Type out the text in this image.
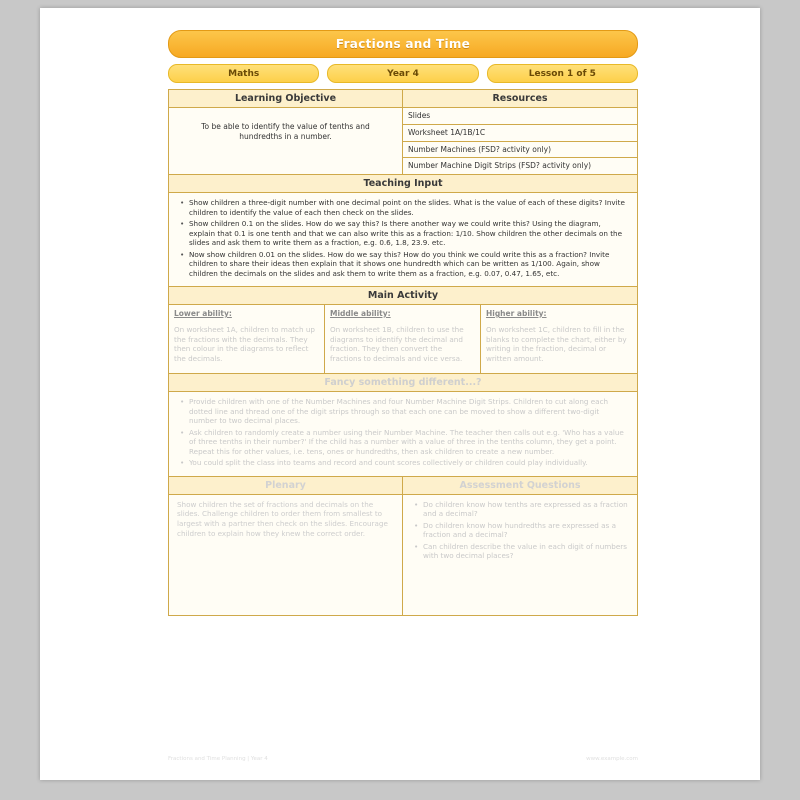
Fractions and Time
Maths	Year 4	Lesson 1 of 5
Learning Objective
To be able to identify the value of tenths and hundredths in a number.
Resources
Slides
Worksheet 1A/1B/1C
Number Machines (FSD? activity only)
Number Machine Digit Strips (FSD? activity only)
Teaching Input
• Show children a three-digit number with one decimal point on the slides. What is the value of each of these digits? Invite children to identify the value of each then check on the slides.
• Show children 0.1 on the slides. How do we say this? Is there another way we could write this? Using the diagram, explain that 0.1 is one tenth and that we can also write this as a fraction: 1/10. Show children the other decimals on the slides and ask them to write them as a fraction, e.g. 0.6, 1.8, 23.9. etc.
• Now show children 0.01 on the slides. How do we say this? How do you think we could write this as a fraction? Invite children to share their ideas then explain that it shows one hundredth which can be written as 1/100. Again, show children the decimals on the slides and ask them to write them as a fraction, e.g. 0.07, 0.47, 1.65, etc.
Main Activity
Lower ability:
On worksheet 1A, children to match up the fractions with the decimals. They then colour in the diagrams to reflect the decimals.
Middle ability:
On worksheet 1B, children to use the diagrams to identify the decimal and fraction. They then convert the fractions to decimals and vice versa.
Higher ability:
On worksheet 1C, children to fill in the blanks to complete the chart, either by writing in the fraction, decimal or written amount.
Fancy something different...?
• Provide children with one of the Number Machines and four Number Machine Digit Strips. Children to cut along each dotted line and thread one of the digit strips through so that each one can be moved to show a different two-digit number to two decimal places.
• Ask children to randomly create a number using their Number Machine. The teacher then calls out e.g. 'Who has a value of three tenths in their number?' If the child has a number with a value of three in the tenths column, they get a point. Repeat this for other values, i.e. tens, ones or hundredths, then ask children to create a new number.
• You could split the class into teams and record and count scores collectively or children could play individually.
Plenary	Assessment Questions
Show children the set of fractions and decimals on the slides. Challenge children to order them from smallest to largest with a partner then check on the slides. Encourage children to explain how they knew the correct order.
• Do children know how tenths are expressed as a fraction and a decimal?
• Do children know how hundredths are expressed as a fraction and a decimal?
• Can children describe the value in each digit of numbers with two decimal places?
Fractions and Time Planning | Year 4	www.example.com
